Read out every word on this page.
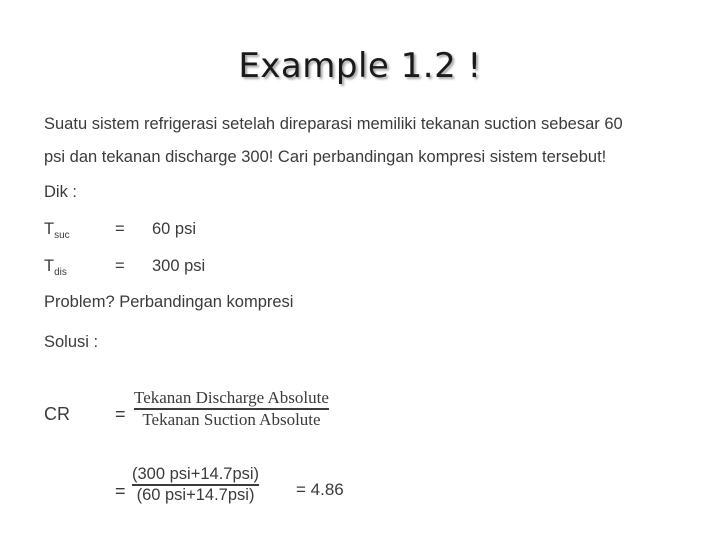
Example 1.2 !
Suatu sistem refrigerasi setelah direparasi memiliki tekanan suction sebesar 60
psi dan tekanan discharge 300! Cari perbandingan kompresi sistem tersebut!
Dik :
$T_{suc}$	= 60 psi
$T_{dis}$	= 300 psi
Problem? Perbandingan kompresi
Solusi :
CR	=
Tekanan Discharge Absolute
Tekanan Suction Absolute
=
(300 psi+14.7psi)
(60 psi+14.7psi) = 4.86
